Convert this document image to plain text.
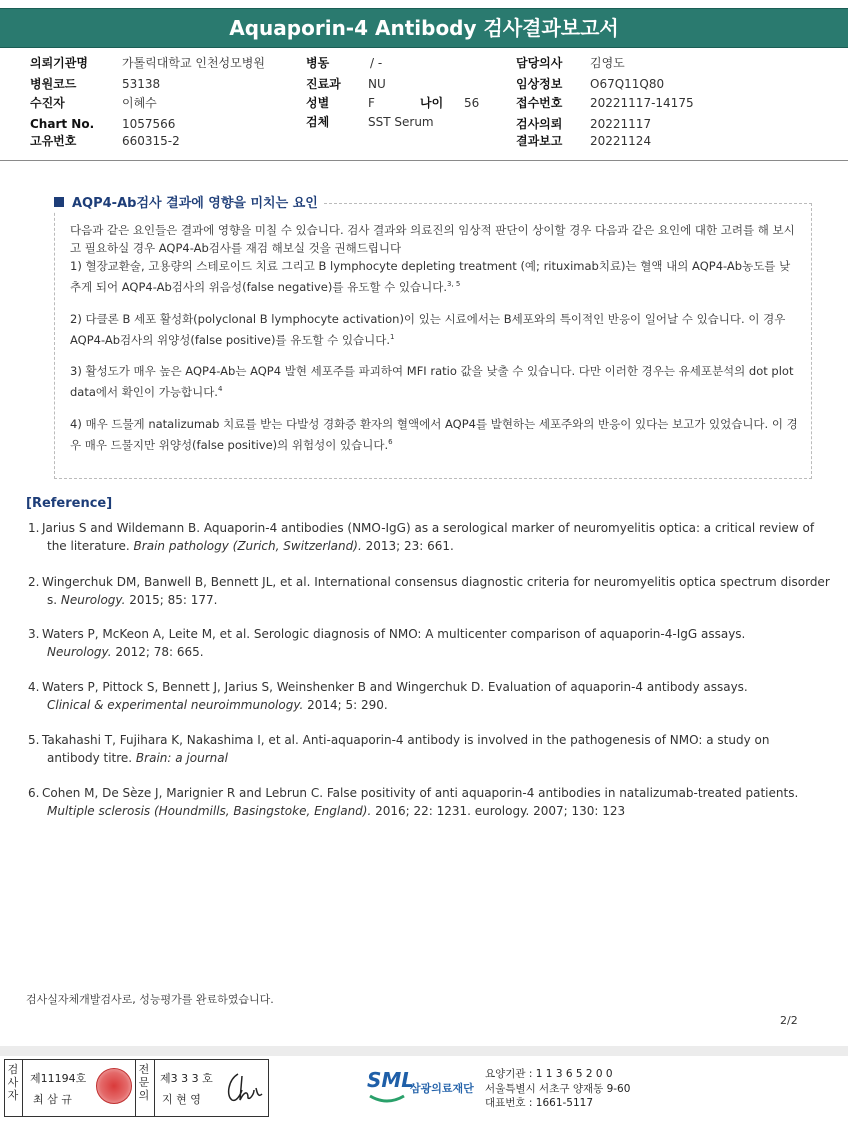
Aquaporin-4 Antibody 검사결과보고서
의뢰기관명	가톨릭대학교 인천성모병원
병원코드	53138
수진자	이혜수
Chart No. 1057566
고유번호	660315-2
병동	/ -
진료과 NU
성별	F	나이 56
검체	SST Serum
담당의사 김영도
임상정보 O67Q11Q80
접수번호 20221117-14175
검사의뢰 20221117
결과보고 20221124
AQP4-Ab검사 결과에 영향을 미치는 요인

다음과 같은 요인들은 결과에 영향을 미칠 수 있습니다. 검사 결과와 의료진의 임상적 판단이 상이할 경우 다음과 같은 요인에 대한 고려를 해 보시고 필요하실 경우 AQP4-Ab검사를 재검 해보실 것을 권해드립니다

1) 혈장교환술, 고용량의 스테로이드 치료 그리고 B lymphocyte depleting treatment (예; rituximab치료)는 혈액 내의 AQP4-Ab농도를 낮추게 되어 AQP4-Ab검사의 위음성(false negative)를 유도할 수 있습니다.$^{3, 5}$

2) 다클론 B 세포 활성화(polyclonal B lymphocyte activation)이 있는 시료에서는 B세포와의 특이적인 반응이 일어날 수 있습니다. 이 경우 AQP4-Ab검사의 위양성(false positive)를 유도할 수 있습니다.$^1$

3) 활성도가 매우 높은 AQP4-Ab는 AQP4 발현 세포주를 파괴하여 MFI ratio 값을 낮출 수 있습니다. 다만 이러한 경우는 유세포분석의 dot plot data에서 확인이 가능합니다.$^4$

4) 매우 드물게 natalizumab 치료를 받는 다발성 경화증 환자의 혈액에서 AQP4를 발현하는 세포주와의 반응이 있다는 보고가 있었습니다. 이 경우 매우 드물지만 위양성(false positive)의 위험성이 있습니다.$^6$

[Reference]
1. Jarius S and Wildemann B. Aquaporin-4 antibodies (NMO-IgG) as a serological marker of neuromyelitis optica: a critical review of
the literature. Brain pathology (Zurich, Switzerland). 2013; 23: 661.
2. Wingerchuk DM, Banwell B, Bennett JL, et al. International consensus diagnostic criteria for neuromyelitis optica spectrum disorder
s. Neurology. 2015; 85: 177.
3. Waters P, McKeon A, Leite M, et al. Serologic diagnosis of NMO: A multicenter comparison of aquaporin-4-IgG assays.
Neurology. 2012; 78: 665.
4. Waters P, Pittock S, Bennett J, Jarius S, Weinshenker B and Wingerchuk D. Evaluation of aquaporin-4 antibody assays.
Clinical & experimental neuroimmunology. 2014; 5: 290.
5. Takahashi T, Fujihara K, Nakashima I, et al. Anti-aquaporin-4 antibody is involved in the pathogenesis of NMO: a study on
antibody titre. Brain: a journal
6. Cohen M, De Sèze J, Marignier R and Lebrun C. False positivity of anti aquaporin-4 antibodies in natalizumab-treated patients.
Multiple sclerosis (Houndmills, Basingstoke, England). 2016; 22: 1231. eurology. 2007; 130: 123
검사실자체개발검사로, 성능평가를 완료하였습니다.
2/2
검사자
전문의
제11194호
최 삼 규
제3 3 3 호
지 현 영
SML
삼광의료재단
요양기관 : 1 1 3 6 5 2 0 0
서울특별시 서초구 양재동 9-60
대표번호 : 1661-5117
